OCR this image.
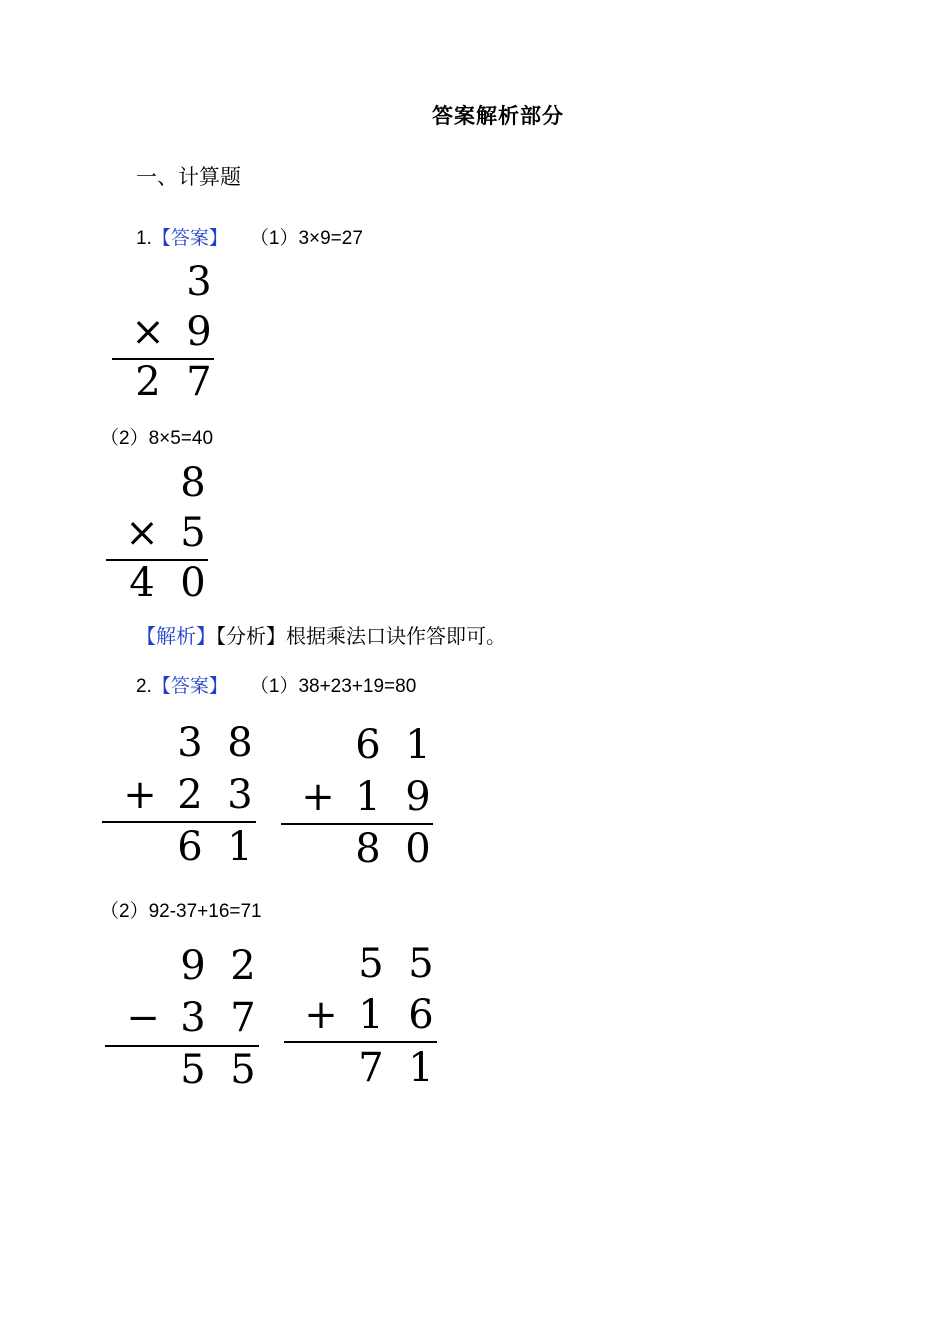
答案解析部分
一、计算题
1.【答案】 （1）3×9=27
3
× 9
2 7
（2）8×5=40
8
× 5
4 0
【解析】【分析】根据乘法口诀作答即可。
2.【答案】 （1）38+23+19=80
3 8
+ 2 3
6 1
6 1
+ 1 9
8 0
（2）92-37+16=71
9 2
− 3 7
5 5
5 5
+ 1 6
7 1
